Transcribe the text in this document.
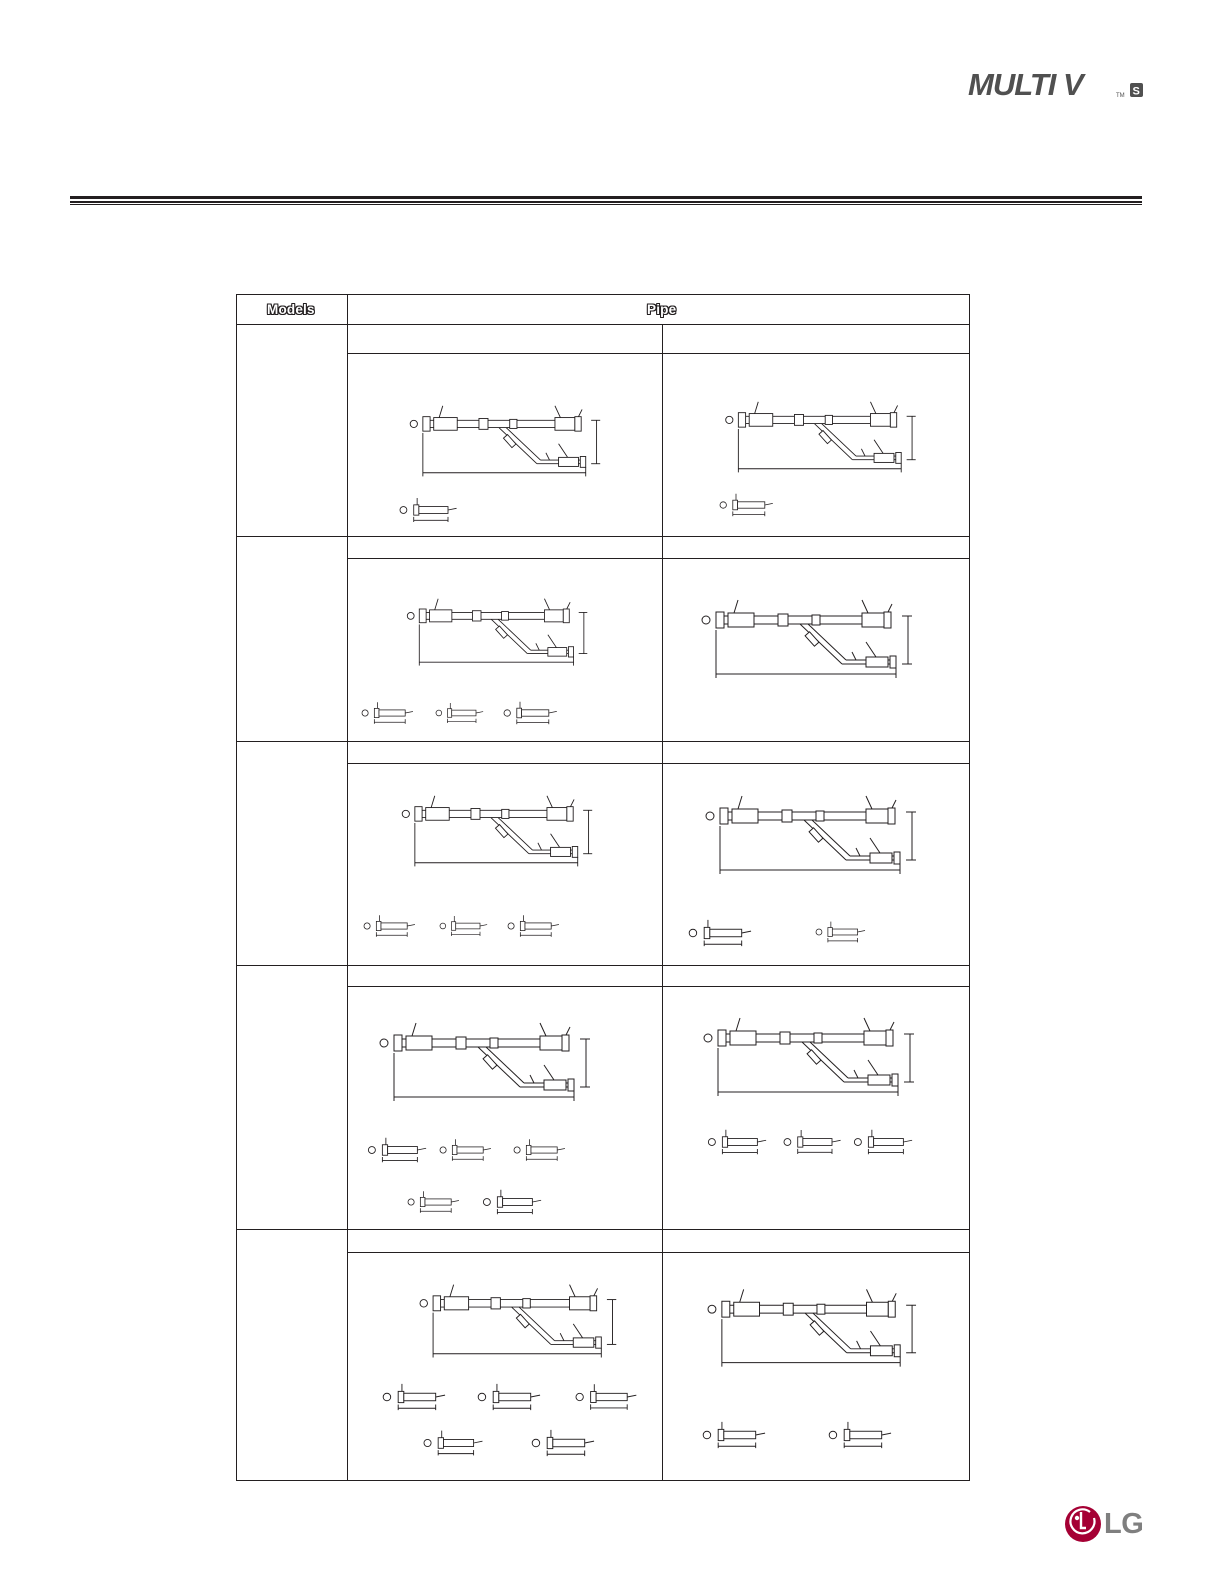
MULTI V	TM S
Models	Pipe
LG
